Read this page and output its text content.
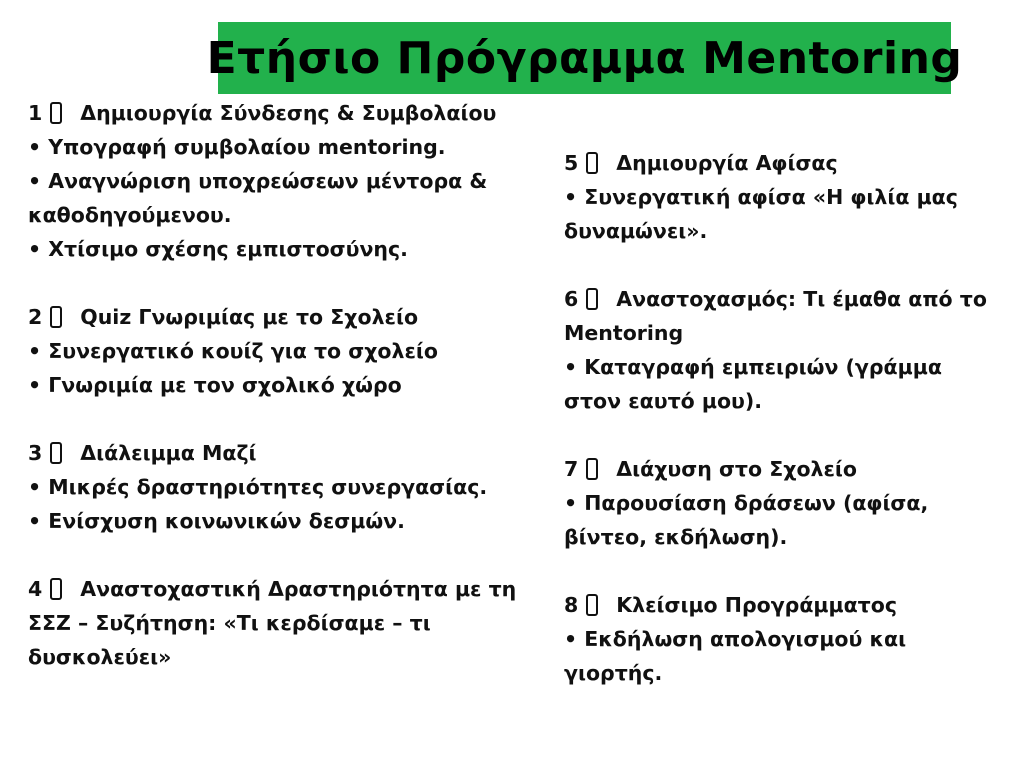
Ετήσιο Πρόγραμμα Mentoring
1 Δημιουργία Σύνδεσης & Συμβολαίου
• Υπογραφή συμβολαίου mentoring.
• Αναγνώριση υποχρεώσεων μέντορα & καθοδηγούμενου.
• Χτίσιμο σχέσης εμπιστοσύνης.
2 Quiz Γνωριμίας με το Σχολείο
• Συνεργατικό κουίζ για το σχολείο
• Γνωριμία με τον σχολικό χώρο
3 Διάλειμμα Μαζί
• Μικρές δραστηριότητες συνεργασίας.
• Ενίσχυση κοινωνικών δεσμών.
4 Αναστοχαστική Δραστηριότητα με τη ΣΣΖ – Συζήτηση: «Τι κερδίσαμε – τι δυσκολεύει»
5 Δημιουργία Αφίσας
• Συνεργατική αφίσα «Η φιλία μας δυναμώνει».
6 Αναστοχασμός: Τι έμαθα από το Mentoring
• Καταγραφή εμπειριών (γράμμα στον εαυτό μου).
7 Διάχυση στο Σχολείο
• Παρουσίαση δράσεων (αφίσα, βίντεο, εκδήλωση).
8 Κλείσιμο Προγράμματος
• Εκδήλωση απολογισμού και γιορτής.
